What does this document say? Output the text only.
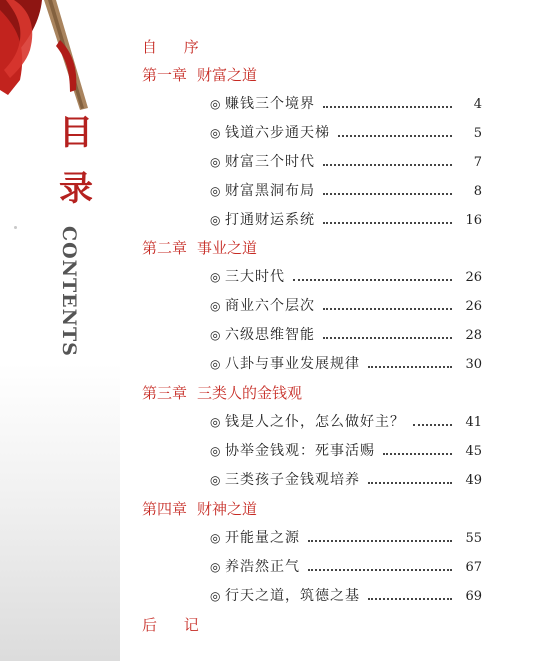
目
录
CONTENTS
自 序
第一章 财富之道
◎ 赚钱三个境界	4
◎ 钱道六步通天梯	5
◎ 财富三个时代	7
◎ 财富黑洞布局	8
◎ 打通财运系统	16
第二章 事业之道
◎ 三大时代	26
◎ 商业六个层次	26
◎ 六级思维智能	28
◎ 八卦与事业发展规律	30
第三章 三类人的金钱观
◎ 钱是人之仆，怎么做好主？	41
◎ 协举金钱观：死事活赐	45
◎ 三类孩子金钱观培养	49
第四章 财神之道
◎ 开能量之源	55
◎ 养浩然正气	67
◎ 行天之道，筑德之基	69
后 记
